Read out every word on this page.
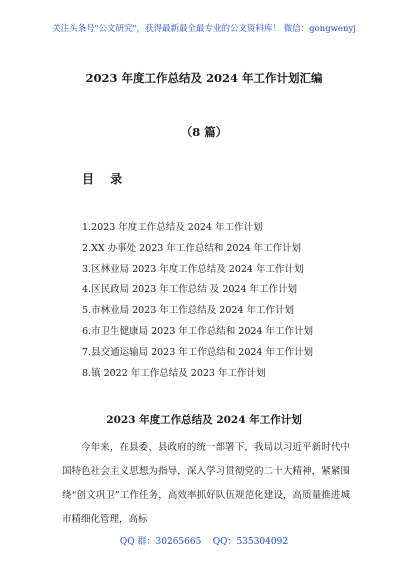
关注头条号"公文研究"，获得最新最全最专业的公文资料库！ 微信：gongwenyj
2023 年度工作总结及 2024 年工作计划汇编
（8 篇）
目 录
1.2023 年度工作总结及 2024 年工作计划
2.XX 办事处 2023 年工作总结和 2024 年工作计划
3.区林业局 2023 年度工作总结及 2024 年工作计划
4.区民政局 2023 年工作总结 及 2024 年工作计划
5.市林业局 2023 年工作总结及 2024 年工作计划
6.市卫生健康局 2023 年工作总结和 2024 年工作计划
7.县交通运输局 2023 年工作总结和 2024 年工作计划
8.镇 2022 年工作总结及 2023 年工作计划
2023 年度工作总结及 2024 年工作计划

今年来，在县委、县政府的统一部署下，我局以习近平新时代中国特色社会主义思想为指导，深入学习贯彻党的二十大精神，紧紧围绕“创文巩卫”工作任务，高效率抓好队伍规范化建设，高质量推进城市精细化管理，高标

QQ 群：30265665    QQ：535304092
